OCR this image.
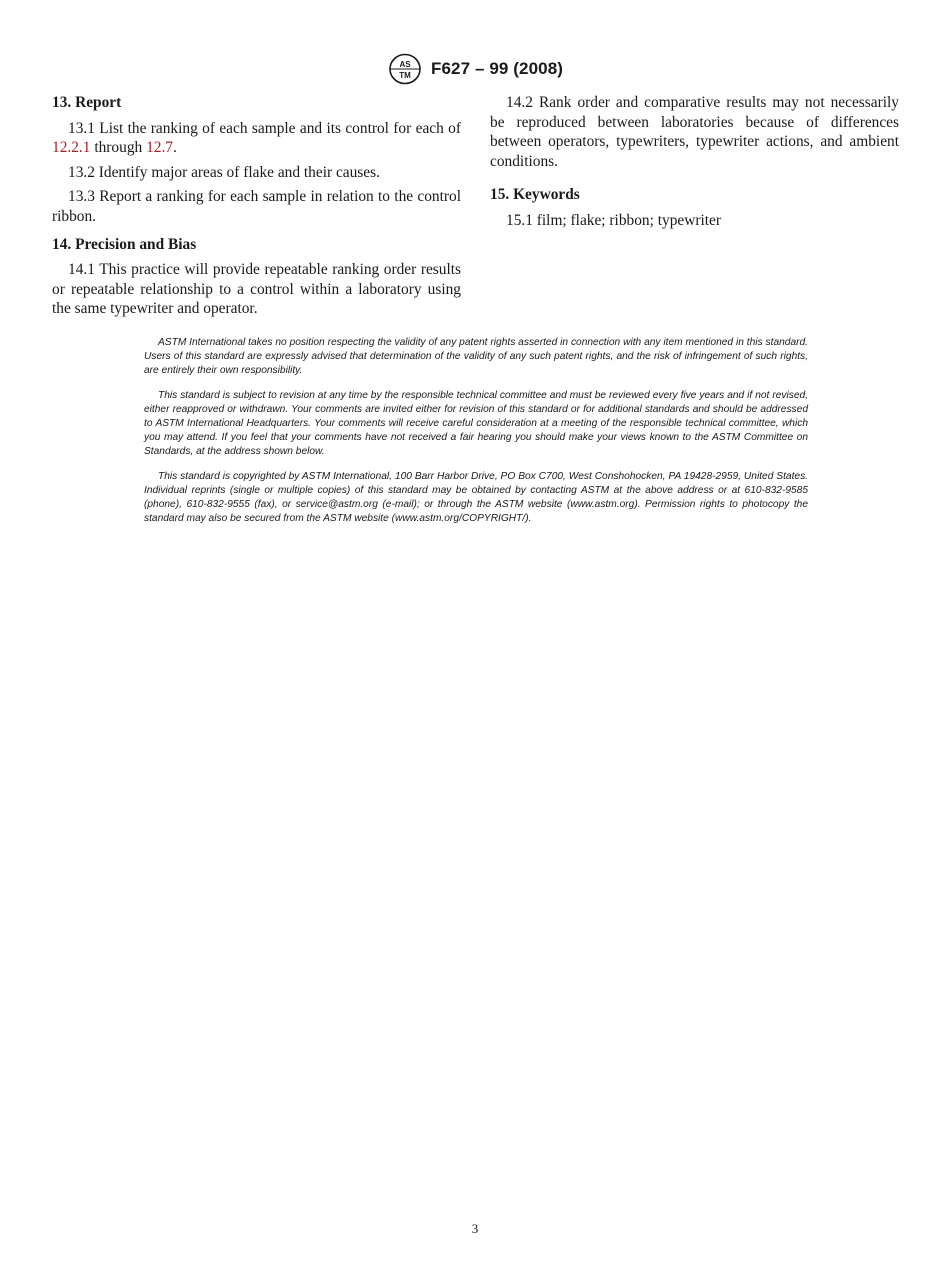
AS
TM F627 – 99 (2008)
13. Report

13.1 List the ranking of each sample and its control for each of 12.2.1 through 12.7.

13.2 Identify major areas of flake and their causes.

13.3 Report a ranking for each sample in relation to the control ribbon.

14. Precision and Bias

14.1 This practice will provide repeatable ranking order results or repeatable relationship to a control within a laboratory using the same typewriter and operator.

14.2 Rank order and comparative results may not necessarily be reproduced between laboratories because of differences between operators, typewriters, typewriter actions, and ambient conditions.

15. Keywords

15.1 film; flake; ribbon; typewriter

ASTM International takes no position respecting the validity of any patent rights asserted in connection with any item mentioned in this standard. Users of this standard are expressly advised that determination of the validity of any such patent rights, and the risk of infringement of such rights, are entirely their own responsibility.

This standard is subject to revision at any time by the responsible technical committee and must be reviewed every five years and if not revised, either reapproved or withdrawn. Your comments are invited either for revision of this standard or for additional standards and should be addressed to ASTM International Headquarters. Your comments will receive careful consideration at a meeting of the responsible technical committee, which you may attend. If you feel that your comments have not received a fair hearing you should make your views known to the ASTM Committee on Standards, at the address shown below.

This standard is copyrighted by ASTM International, 100 Barr Harbor Drive, PO Box C700, West Conshohocken, PA 19428-2959, United States. Individual reprints (single or multiple copies) of this standard may be obtained by contacting ASTM at the above address or at 610-832-9585 (phone), 610-832-9555 (fax), or service@astm.org (e-mail); or through the ASTM website (www.astm.org). Permission rights to photocopy the standard may also be secured from the ASTM website (www.astm.org/COPYRIGHT/).

3
